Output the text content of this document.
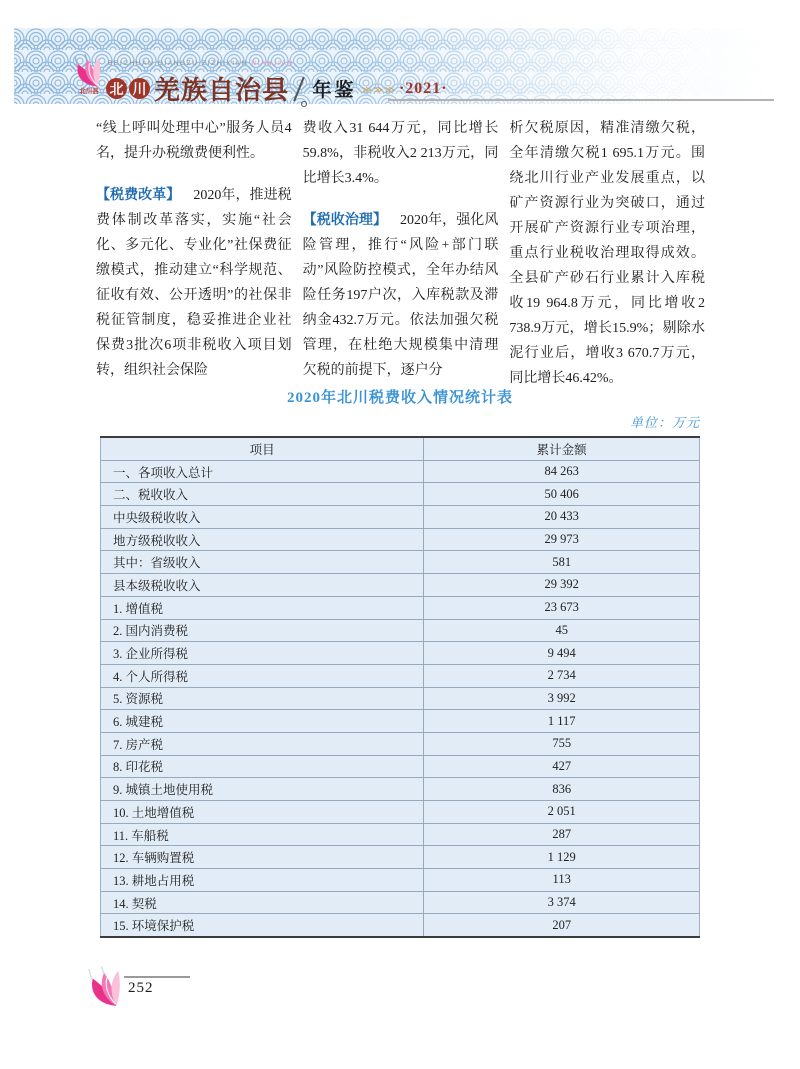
北川县
BEICHUAN QIANGZU ZIZHIXIAN NIANJIAN
北 川 羌族自治县 年鉴 ≫≫≫ ·2021·

“线上呼叫处理中心”服务人员4名，提升办税缴费便利性。

【税费改革】 2020年，推进税费体制改革落实，实施“社会化、多元化、专业化”社保费征缴模式，推动建立“科学规范、征收有效、公开透明”的社保非税征管制度，稳妥推进企业社保费3批次6项非税收入项目划转，组织社会保险

费收入31 644万元，同比增长59.8%，非税收入2 213万元，同比增长3.4%。

【税收治理】 2020年，强化风险管理，推行“风险+部门联动”风险防控模式，全年办结风险任务197户次，入库税款及滞纳金432.7万元。依法加强欠税管理，在杜绝大规模集中清理欠税的前提下，逐户分

析欠税原因，精准清缴欠税，全年清缴欠税1 695.1万元。围绕北川行业产业发展重点，以矿产资源行业为突破口，通过开展矿产资源行业专项治理，重点行业税收治理取得成效。全县矿产砂石行业累计入库税收19 964.8万元，同比增收2 738.9万元，增长15.9%；剔除水泥行业后，增收3 670.7万元，同比增长46.42%。

2020年北川税费收入情况统计表
单位：万元
项目	累计金额
一、各项收入总计	84 263
二、税收收入	50 406
中央级税收收入	20 433
地方级税收收入	29 973
其中：省级收入	581
县本级税收收入	29 392
1. 增值税	23 673
2. 国内消费税	45
3. 企业所得税	9 494
4. 个人所得税	2 734
5. 资源税	3 992
6. 城建税	1 117
7. 房产税	755
8. 印花税	427
9. 城镇土地使用税	836
10. 土地增值税	2 051
11. 车船税	287
12. 车辆购置税	1 129
13. 耕地占用税	113
14. 契税	3 374
15. 环境保护税	207
252
